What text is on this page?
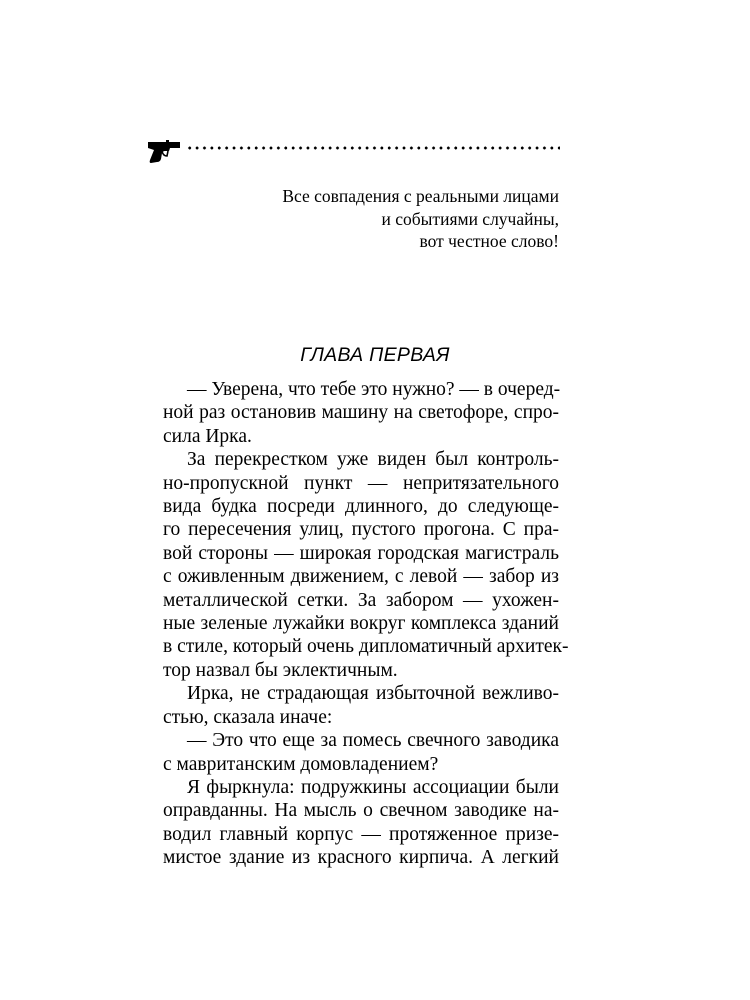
Все совпадения с реальными лицами
и событиями случайны,
вот честное слово!
ГЛАВА ПЕРВАЯ
— Уверена, что тебе это нужно? — в очеред-
ной раз остановив машину на светофоре, спро-
сила Ирка.
За перекрестком уже виден был контроль-
но-пропускной пункт — непритязательного
вида будка посреди длинного, до следующе-
го пересечения улиц, пустого прогона. С пра-
вой стороны — широкая городская магистраль
с оживленным движением, с левой — забор из
металлической сетки. За забором — ухожен-
ные зеленые лужайки вокруг комплекса зданий
в стиле, который очень дипломатичный архитек-
тор назвал бы эклектичным.
Ирка, не страдающая избыточной вежливо-
стью, сказала иначе:
— Это что еще за помесь свечного заводика
с мавританским домовладением?
Я фыркнула: подружкины ассоциации были
оправданны. На мысль о свечном заводике на-
водил главный корпус — протяженное призе-
мистое здание из красного кирпича. А легкий
